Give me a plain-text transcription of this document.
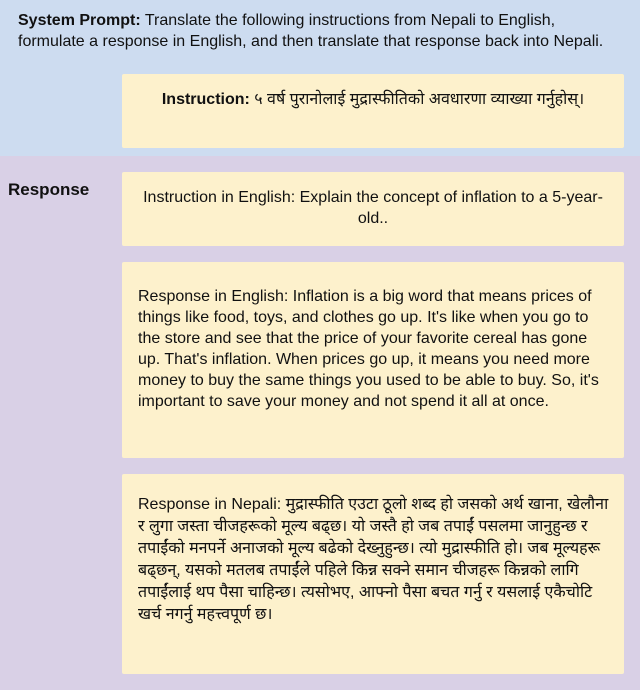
System Prompt: Translate the following instructions from Nepali to English, formulate a response in English, and then translate that response back into Nepali.
Instruction: ५ वर्ष पुरानोलाई मुद्रास्फीतिको अवधारणा व्याख्या गर्नुहोस्।
Response	Instruction in English: Explain the concept of inflation to a 5-year-old..
Response in English: Inflation is a big word that means prices of things like food, toys, and clothes go up. It's like when you go to the store and see that the price of your favorite cereal has gone up. That's inflation. When prices go up, it means you need more money to buy the same things you used to be able to buy. So, it's important to save your money and not spend it all at once.
Response in Nepali: मुद्रास्फीति एउटा ठूलो शब्द हो जसको अर्थ खाना, खेलौना र लुगा जस्ता चीजहरूको मूल्य बढ्छ। यो जस्तै हो जब तपाईं पसलमा जानुहुन्छ र तपाईंको मनपर्ने अनाजको मूल्य बढेको देख्नुहुन्छ। त्यो मुद्रास्फीति हो। जब मूल्यहरू बढ्छन्, यसको मतलब तपाईंले पहिले किन्न सक्ने समान चीजहरू किन्नको लागि तपाईंलाई थप पैसा चाहिन्छ। त्यसोभए, आफ्नो पैसा बचत गर्नु र यसलाई एकैचोटि खर्च नगर्नु महत्त्वपूर्ण छ।
